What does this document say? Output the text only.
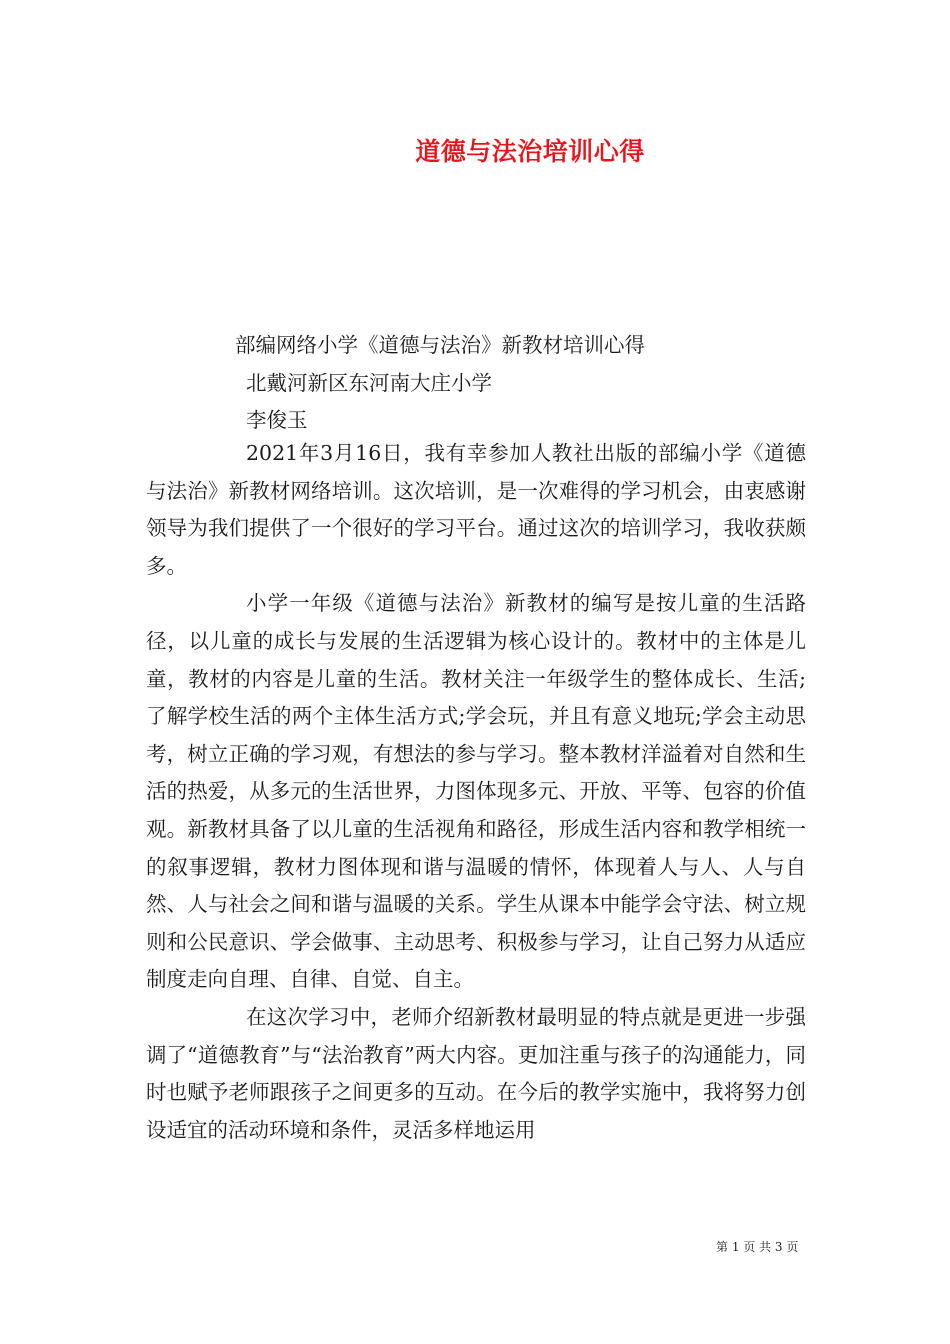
道德与法治培训心得
部编网络小学《道德与法治》新教材培训心得
北戴河新区东河南大庄小学
李俊玉

2021年3月16日，我有幸参加人教社出版的部编小学《道德与法治》新教材网络培训。这次培训，是一次难得的学习机会，由衷感谢领导为我们提供了一个很好的学习平台。通过这次的培训学习，我收获颇多。

小学一年级《道德与法治》新教材的编写是按儿童的生活路径，以儿童的成长与发展的生活逻辑为核心设计的。教材中的主体是儿童，教材的内容是儿童的生活。教材关注一年级学生的整体成长、生活;了解学校生活的两个主体生活方式;学会玩，并且有意义地玩;学会主动思考，树立正确的学习观，有想法的参与学习。整本教材洋溢着对自然和生活的热爱，从多元的生活世界，力图体现多元、开放、平等、包容的价值观。新教材具备了以儿童的生活视角和路径，形成生活内容和教学相统一的叙事逻辑，教材力图体现和谐与温暖的情怀，体现着人与人、人与自然、人与社会之间和谐与温暖的关系。学生从课本中能学会守法、树立规则和公民意识、学会做事、主动思考、积极参与学习，让自己努力从适应制度走向自理、自律、自觉、自主。

在这次学习中，老师介绍新教材最明显的特点就是更进一步强调了“道德教育”与“法治教育”两大内容。更加注重与孩子的沟通能力，同时也赋予老师跟孩子之间更多的互动。在今后的教学实施中，我将努力创设适宜的活动环境和条件，灵活多样地运用

第 1 页 共 3 页
